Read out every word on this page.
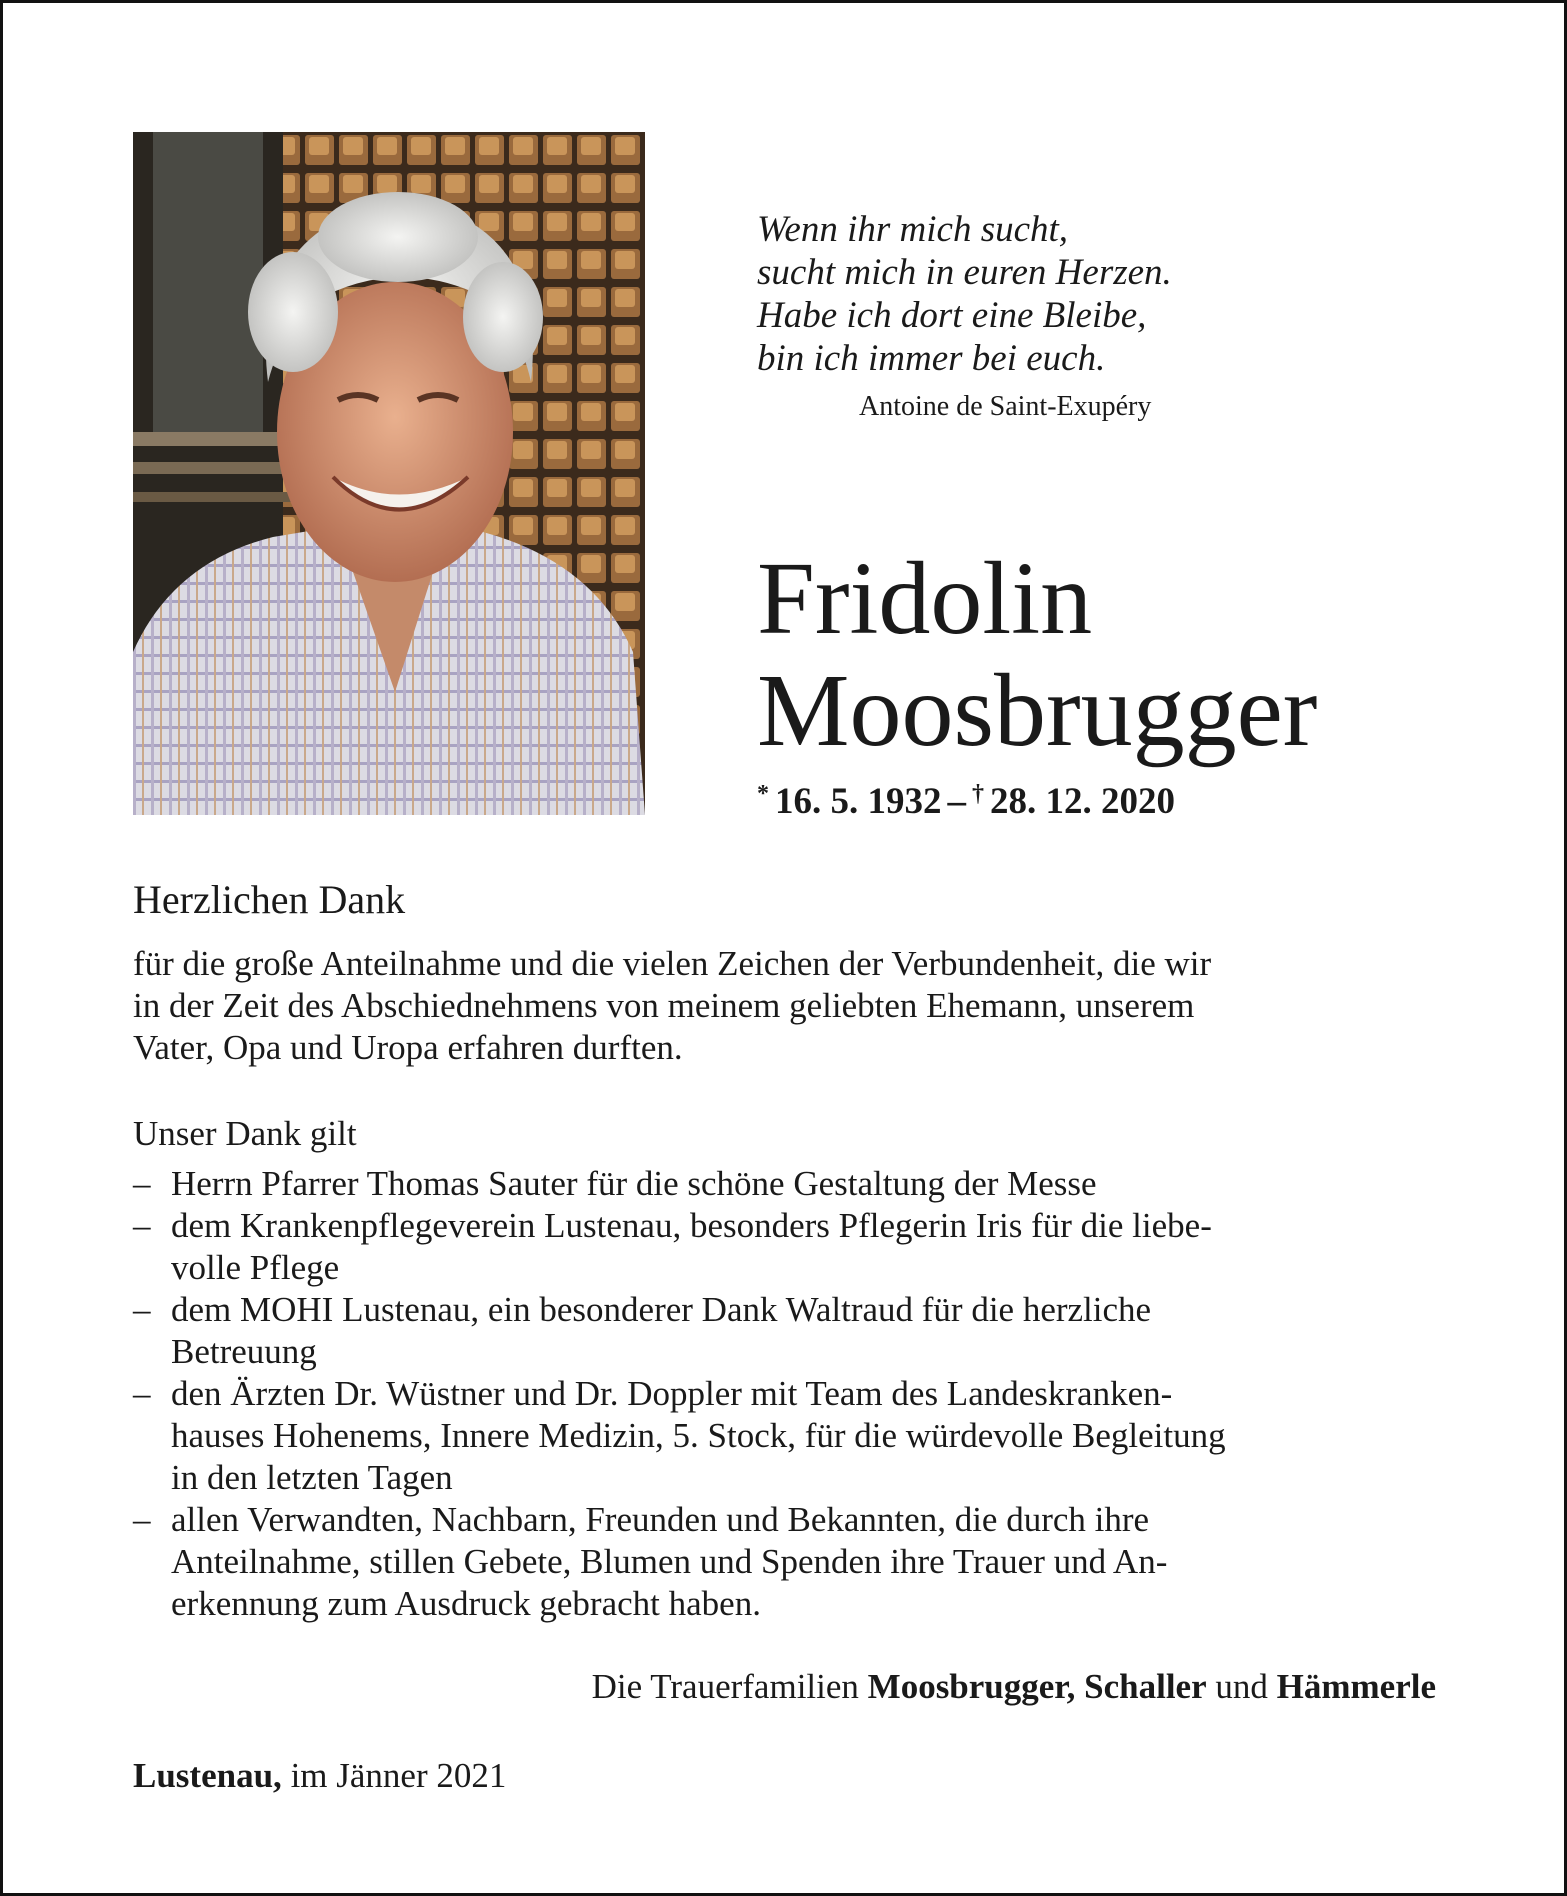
Wenn ihr mich sucht,
sucht mich in euren Herzen.
Habe ich dort eine Bleibe,
bin ich immer bei euch.
Antoine de Saint-Exupéry
Fridolin
Moosbrugger
* 16. 5. 1932 – † 28. 12. 2020
Herzlichen Dank
für die große Anteilnahme und die vielen Zeichen der Verbundenheit, die wir
in der Zeit des Abschiednehmens von meinem geliebten Ehemann, unserem
Vater, Opa und Uropa erfahren durften.
Unser Dank gilt
– Herrn Pfarrer Thomas Sauter für die schöne Gestaltung der Messe
– dem Krankenpflegeverein Lustenau, besonders Pflegerin Iris für die liebe-
volle Pflege
– dem MOHI Lustenau, ein besonderer Dank Waltraud für die herzliche
Betreuung
– den Ärzten Dr. Wüstner und Dr. Doppler mit Team des Landeskranken-
hauses Hohenems, Innere Medizin, 5. Stock, für die würdevolle Begleitung
in den letzten Tagen
– allen Verwandten, Nachbarn, Freunden und Bekannten, die durch ihre
Anteilnahme, stillen Gebete, Blumen und Spenden ihre Trauer und An-
erkennung zum Ausdruck gebracht haben.
Die Trauerfamilien Moosbrugger, Schaller und Hämmerle
Lustenau, im Jänner 2021
